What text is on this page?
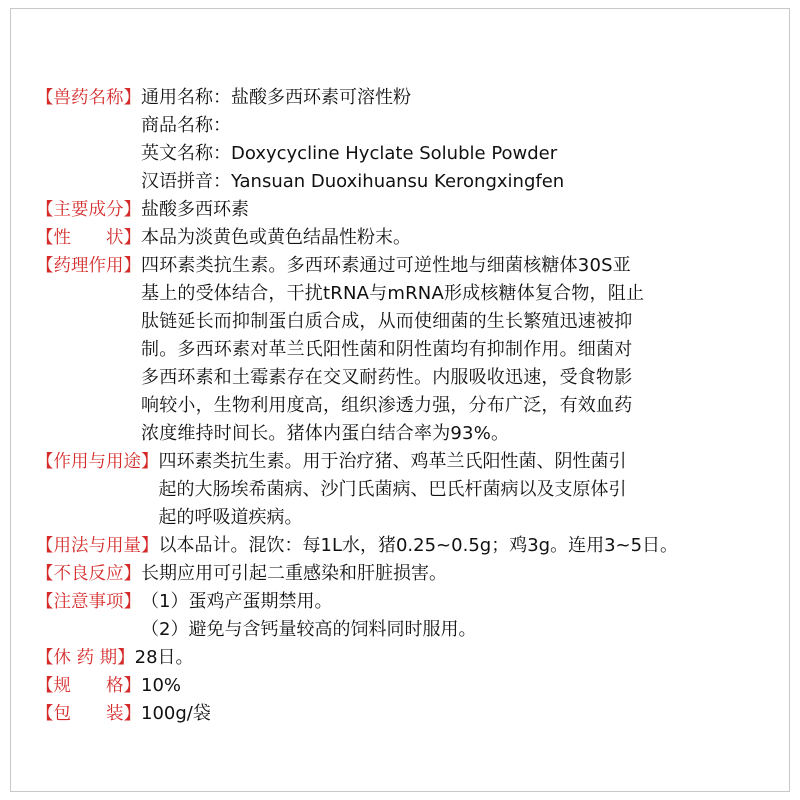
【兽药名称】 通用名称：盐酸多西环素可溶性粉
商品名称：
英文名称：Doxycycline Hyclate Soluble Powder
汉语拼音：Yansuan Duoxihuansu Kerongxingfen
【主要成分】 盐酸多西环素
【性　　状】 本品为淡黄色或黄色结晶性粉末。
【药理作用】 四环素类抗生素。多西环素通过可逆性地与细菌核糖体30S亚
基上的受体结合，干扰tRNA与mRNA形成核糖体复合物，阻止
肽链延长而抑制蛋白质合成，从而使细菌的生长繁殖迅速被抑
制。多西环素对革兰氏阳性菌和阴性菌均有抑制作用。细菌对
多西环素和土霉素存在交叉耐药性。内服吸收迅速，受食物影
响较小，生物利用度高，组织渗透力强，分布广泛，有效血药
浓度维持时间长。猪体内蛋白结合率为93%。
【作用与用途】 四环素类抗生素。用于治疗猪、鸡革兰氏阳性菌、阴性菌引
起的大肠埃希菌病、沙门氏菌病、巴氏杆菌病以及支原体引
起的呼吸道疾病。
【用法与用量】 以本品计。混饮：每1L水，猪0.25~0.5g；鸡3g。连用3~5日。
【不良反应】 长期应用可引起二重感染和肝脏损害。
【注意事项】 （1）蛋鸡产蛋期禁用。
（2）避免与含钙量较高的饲料同时服用。
【休 药 期】 28日。
【规　　格】 10%
【包　　装】 100g/袋
